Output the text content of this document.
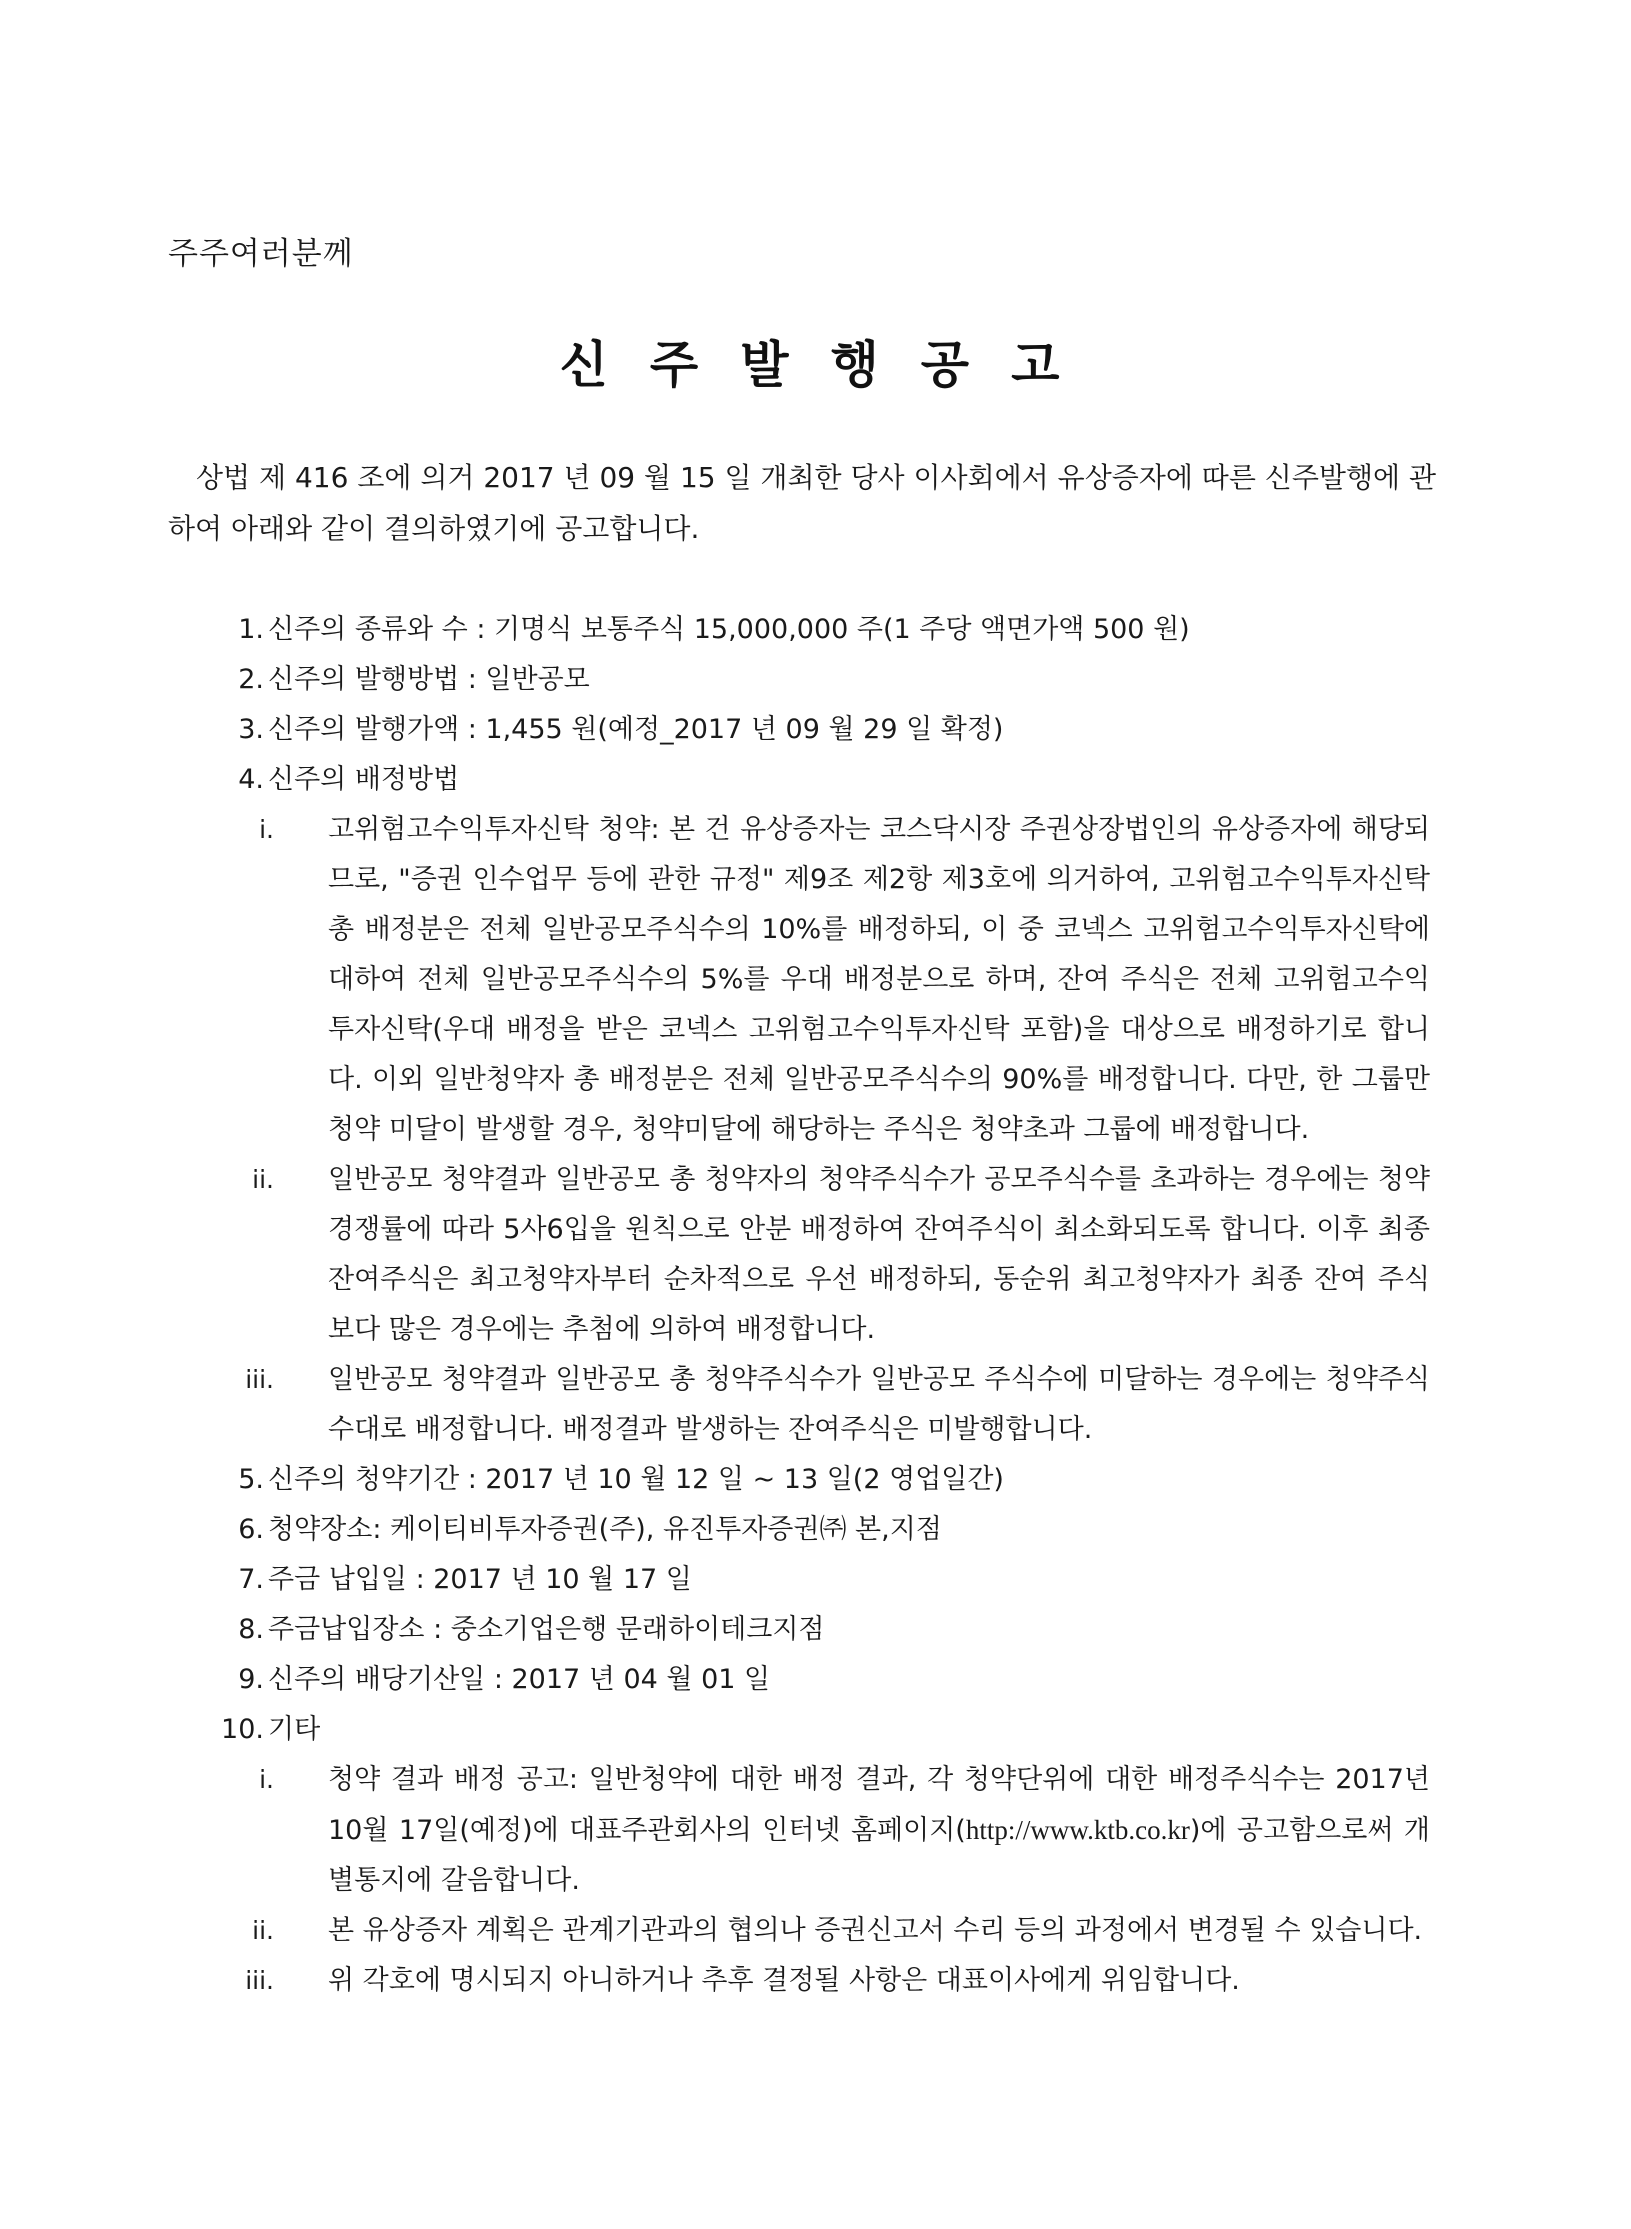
주주여러분께
신주발행공고
상법 제 416 조에 의거 2017 년 09 월 15 일 개최한 당사 이사회에서 유상증자에 따른 신주발행에 관하여 아래와 같이 결의하였기에 공고합니다.
1. 신주의 종류와 수 : 기명식 보통주식 15,000,000 주(1 주당 액면가액 500 원)
2. 신주의 발행방법 : 일반공모
3. 신주의 발행가액 : 1,455 원(예정_2017 년 09 월 29 일 확정)
4. 신주의 배정방법
i. 고위험고수익투자신탁 청약: 본 건 유상증자는 코스닥시장 주권상장법인의 유상증자에 해당되므로, "증권 인수업무 등에 관한 규정" 제9조 제2항 제3호에 의거하여, 고위험고수익투자신탁 총 배정분은 전체 일반공모주식수의 10%를 배정하되, 이 중 코넥스 고위험고수익투자신탁에 대하여 전체 일반공모주식수의 5%를 우대 배정분으로 하며, 잔여 주식은 전체 고위험고수익투자신탁(우대 배정을 받은 코넥스 고위험고수익투자신탁 포함)을 대상으로 배정하기로 합니다. 이외 일반청약자 총 배정분은 전체 일반공모주식수의 90%를 배정합니다. 다만, 한 그룹만 청약 미달이 발생할 경우, 청약미달에 해당하는 주식은 청약초과 그룹에 배정합니다.
ii. 일반공모 청약결과 일반공모 총 청약자의 청약주식수가 공모주식수를 초과하는 경우에는 청약경쟁률에 따라 5사6입을 원칙으로 안분 배정하여 잔여주식이 최소화되도록 합니다. 이후 최종 잔여주식은 최고청약자부터 순차적으로 우선 배정하되, 동순위 최고청약자가 최종 잔여 주식보다 많은 경우에는 추첨에 의하여 배정합니다.
iii. 일반공모 청약결과 일반공모 총 청약주식수가 일반공모 주식수에 미달하는 경우에는 청약주식수대로 배정합니다. 배정결과 발생하는 잔여주식은 미발행합니다.
5. 신주의 청약기간 : 2017 년 10 월 12 일 ~ 13 일(2 영업일간)
6. 청약장소: 케이티비투자증권(주), 유진투자증권㈜ 본,지점
7. 주금 납입일 : 2017 년 10 월 17 일
8. 주금납입장소 : 중소기업은행 문래하이테크지점
9. 신주의 배당기산일 : 2017 년 04 월 01 일
10. 기타
i. 청약 결과 배정 공고: 일반청약에 대한 배정 결과, 각 청약단위에 대한 배정주식수는 2017년 10월 17일(예정)에 대표주관회사의 인터넷 홈페이지(http://www.ktb.co.kr)에 공고함으로써 개별통지에 갈음합니다.
ii. 본 유상증자 계획은 관계기관과의 협의나 증권신고서 수리 등의 과정에서 변경될 수 있습니다.
iii. 위 각호에 명시되지 아니하거나 추후 결정될 사항은 대표이사에게 위임합니다.
